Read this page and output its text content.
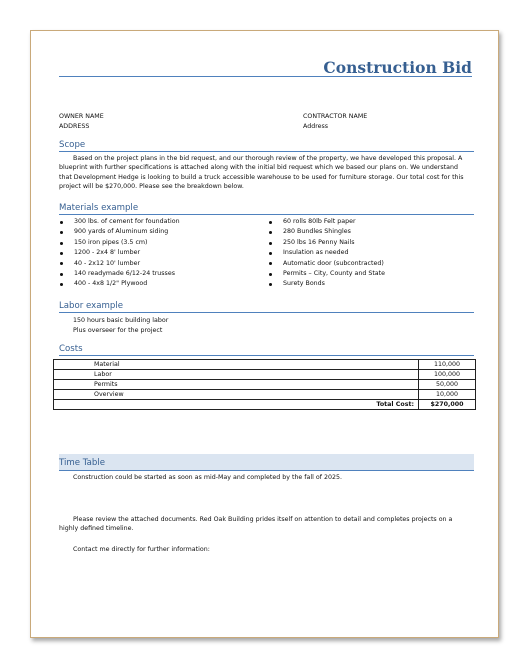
Construction Bid
OWNER NAME
ADDRESS
CONTRACTOR NAME
Address
Scope
Based on the project plans in the bid request, and our thorough review of the property, we have developed this proposal. A blueprint with further specifications is attached along with the initial bid request which we based our plans on. We understand that Development Hedge is looking to build a truck accessible warehouse to be used for furniture storage. Our total cost for this project will be $270,000. Please see the breakdown below.
Materials example
300 lbs. of cement for foundation
900 yards of Aluminum siding
150 iron pipes (3.5 cm)
1200 - 2x4 8' lumber
40 - 2x12 10' lumber
140 readymade 6/12-24 trusses
400 - 4x8 1/2" Plywood
60 rolls 80lb Felt paper
280 Bundles Shingles
250 lbs 16 Penny Nails
Insulation as needed
Automatic door (subcontracted)
Permits – City, County and State
Surety Bonds
Labor example
150 hours basic building labor
Plus overseer for the project
Costs
Material	110,000
Labor	100,000
Permits	50,000
Overview	10,000
Total Cost:	$270,000
Time Table
Construction could be started as soon as mid-May and completed by the fall of 2025.
Please review the attached documents. Red Oak Building prides itself on attention to detail and completes projects on a highly defined timeline.
Contact me directly for further information:
